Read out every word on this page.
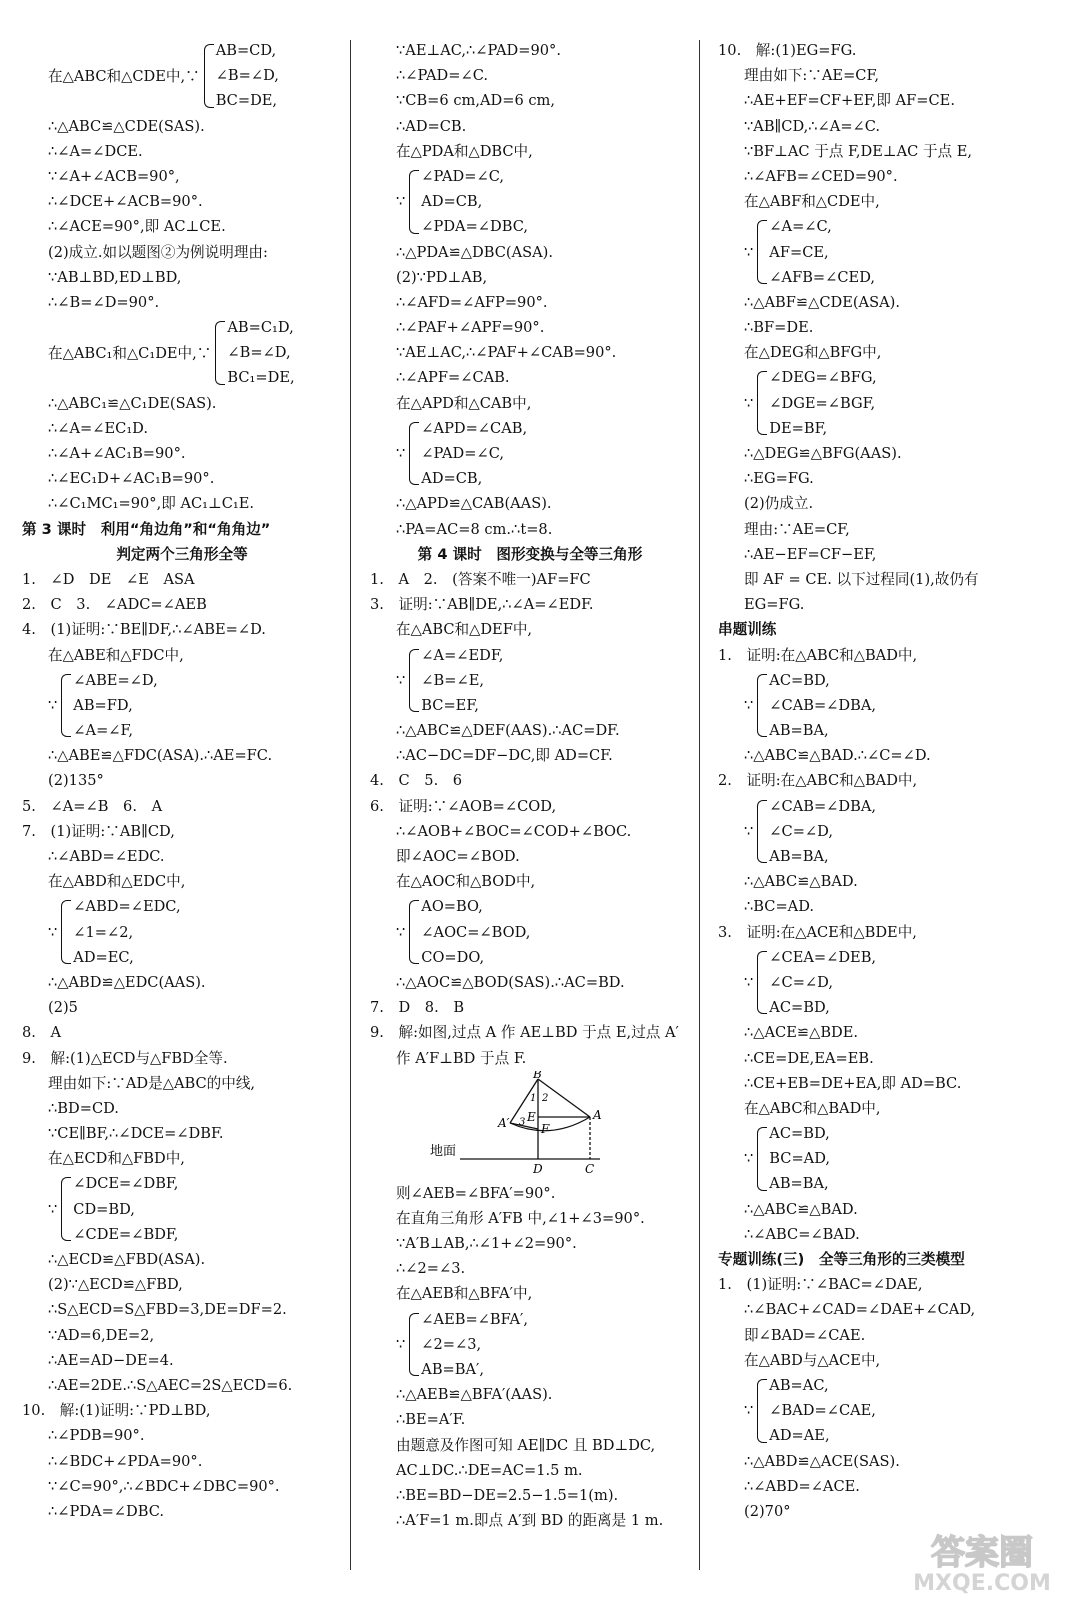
在△ABC和△CDE中,∵
AB=CD,
∠B=∠D,
BC=DE,
∴△ABC≌△CDE(SAS).
∴∠A=∠DCE.
∵∠A+∠ACB=90°,
∴∠DCE+∠ACB=90°.
∴∠ACE=90°,即 AC⊥CE.
(2)成立.如以题图②为例说明理由:
∵AB⊥BD,ED⊥BD,
∴∠B=∠D=90°.
在△ABC₁和△C₁DE中,∵
AB=C₁D,
∠B=∠D,
BC₁=DE,
∴△ABC₁≌△C₁DE(SAS).
∴∠A=∠EC₁D.
∴∠A+∠AC₁B=90°.
∴∠EC₁D+∠AC₁B=90°.
∴∠C₁MC₁=90°,即 AC₁⊥C₁E.
第 3 课时　利用“角边角”和“角角边”
判定两个三角形全等
1.　∠D　DE　∠E　ASA
2.　C　3.　∠ADC=∠AEB
4.　(1)证明:∵BE∥DF,∴∠ABE=∠D.
在△ABE和△FDC中,
∵
∠ABE=∠D,
AB=FD,
∠A=∠F,
∴△ABE≌△FDC(ASA).∴AE=FC.
(2)135°
5.　∠A=∠B　6.　A
7.　(1)证明:∵AB∥CD,
∴∠ABD=∠EDC.
在△ABD和△EDC中,
∵
∠ABD=∠EDC,
∠1=∠2,
AD=EC,
∴△ABD≌△EDC(AAS).
(2)5
8.　A
9.　解:(1)△ECD与△FBD全等.
理由如下:∵AD是△ABC的中线,
∴BD=CD.
∵CE∥BF,∴∠DCE=∠DBF.
在△ECD和△FBD中,
∵
∠DCE=∠DBF,
CD=BD,
∠CDE=∠BDF,
∴△ECD≌△FBD(ASA).
(2)∵△ECD≌△FBD,
∴S△ECD=S△FBD=3,DE=DF=2.
∵AD=6,DE=2,
∴AE=AD−DE=4.
∴AE=2DE.∴S△AEC=2S△ECD=6.
10.　解:(1)证明:∵PD⊥BD,
∴∠PDB=90°.
∴∠BDC+∠PDA=90°.
∵∠C=90°,∴∠BDC+∠DBC=90°.
∴∠PDA=∠DBC.
∵AE⊥AC,∴∠PAD=90°.
∴∠PAD=∠C.
∵CB=6 cm,AD=6 cm,
∴AD=CB.
在△PDA和△DBC中,
∵
∠PAD=∠C,
AD=CB,
∠PDA=∠DBC,
∴△PDA≌△DBC(ASA).
(2)∵PD⊥AB,
∴∠AFD=∠AFP=90°.
∴∠PAF+∠APF=90°.
∵AE⊥AC,∴∠PAF+∠CAB=90°.
∴∠APF=∠CAB.
在△APD和△CAB中,
∵
∠APD=∠CAB,
∠PAD=∠C,
AD=CB,
∴△APD≌△CAB(AAS).
∴PA=AC=8 cm.∴t=8.
第 4 课时　图形变换与全等三角形
1.　A　2.　(答案不唯一)AF=FC
3.　证明:∵AB∥DE,∴∠A=∠EDF.
在△ABC和△DEF中,
∵
∠A=∠EDF,
∠B=∠E,
BC=EF,
∴△ABC≌△DEF(AAS).∴AC=DF.
∴AC−DC=DF−DC,即 AD=CF.
4.　C　5.　6
6.　证明:∵∠AOB=∠COD,
∴∠AOB+∠BOC=∠COD+∠BOC.
即∠AOC=∠BOD.
在△AOC和△BOD中,
∵
AO=BO,
∠AOC=∠BOD,
CO=DO,
∴△AOC≌△BOD(SAS).∴AC=BD.
7.　D　8.　B
9.　解:如图,过点 A 作 AE⊥BD 于点 E,过点 A′
作 A′F⊥BD 于点 F.
B
A
A′ E
F
D	C
1 2
3
地面
则∠AEB=∠BFA′=90°.
在直角三角形 A′FB 中,∠1+∠3=90°.
∵A′B⊥AB,∴∠1+∠2=90°.
∴∠2=∠3.
在△AEB和△BFA′中,
∵
∠AEB=∠BFA′,
∠2=∠3,
AB=BA′,
∴△AEB≌△BFA′(AAS).
∴BE=A′F.
由题意及作图可知 AE∥DC 且 BD⊥DC,
AC⊥DC.∴DE=AC=1.5 m.
∴BE=BD−DE=2.5−1.5=1(m).
∴A′F=1 m.即点 A′到 BD 的距离是 1 m.
10.　解:(1)EG=FG.
理由如下:∵AE=CF,
∴AE+EF=CF+EF,即 AF=CE.
∵AB∥CD,∴∠A=∠C.
∵BF⊥AC 于点 F,DE⊥AC 于点 E,
∴∠AFB=∠CED=90°.
在△ABF和△CDE中,
∵
∠A=∠C,
AF=CE,
∠AFB=∠CED,
∴△ABF≌△CDE(ASA).
∴BF=DE.
在△DEG和△BFG中,
∵
∠DEG=∠BFG,
∠DGE=∠BGF,
DE=BF,
∴△DEG≌△BFG(AAS).
∴EG=FG.
(2)仍成立.
理由:∵AE=CF,
∴AE−EF=CF−EF,
即 AF = CE. 以下过程同(1),故仍有
EG=FG.
串题训练
1.　证明:在△ABC和△BAD中,
∵
AC=BD,
∠CAB=∠DBA,
AB=BA,
∴△ABC≌△BAD.∴∠C=∠D.
2.　证明:在△ABC和△BAD中,
∵
∠CAB=∠DBA,
∠C=∠D,
AB=BA,
∴△ABC≌△BAD.
∴BC=AD.
3.　证明:在△ACE和△BDE中,
∵
∠CEA=∠DEB,
∠C=∠D,
AC=BD,
∴△ACE≌△BDE.
∴CE=DE,EA=EB.
∴CE+EB=DE+EA,即 AD=BC.
在△ABC和△BAD中,
∵
AC=BD,
BC=AD,
AB=BA,
∴△ABC≌△BAD.
∴∠ABC=∠BAD.
专题训练(三)　全等三角形的三类模型
1.　(1)证明:∵∠BAC=∠DAE,
∴∠BAC+∠CAD=∠DAE+∠CAD,
即∠BAD=∠CAE.
在△ABD与△ACE中,
∵
AB=AC,
∠BAD=∠CAE,
AD=AE,
∴△ABD≌△ACE(SAS).
∴∠ABD=∠ACE.
(2)70°
答案圈
MXQE.COM
